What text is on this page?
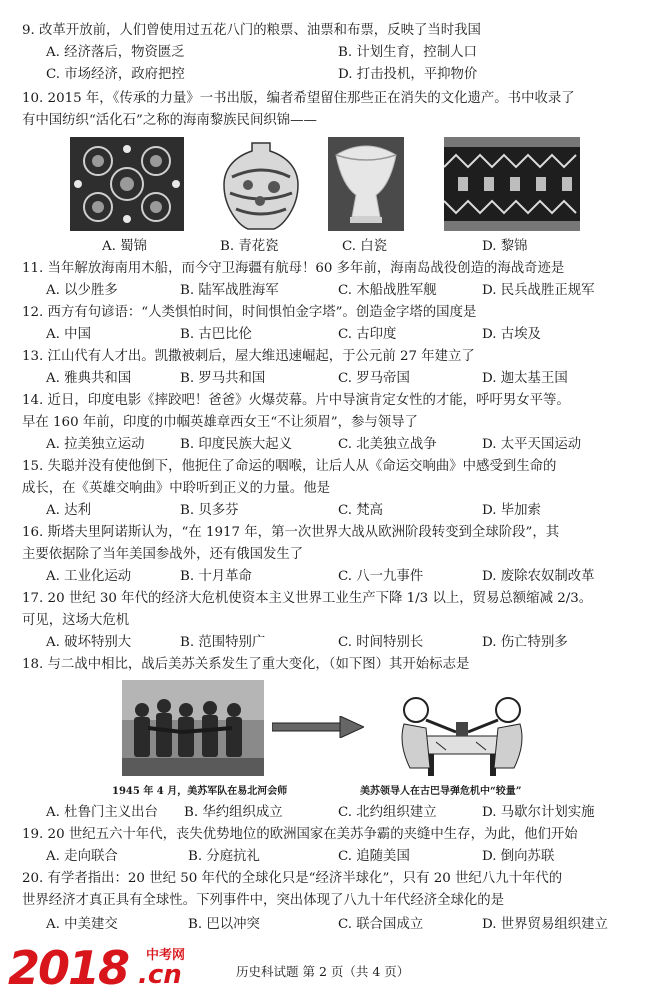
9. 改革开放前，人们曾使用过五花八门的粮票、油票和布票，反映了当时我国
A. 经济落后，物资匮乏	B. 计划生育，控制人口
C. 市场经济，政府把控	D. 打击投机，平抑物价
10. 2015 年，《传承的力量》一书出版，编者希望留住那些正在消失的文化遗产。书中收录了
有中国纺织“活化石”之称的海南黎族民间织锦——
A. 蜀锦	B. 青花瓷	C. 白瓷	D. 黎锦
11. 当年解放海南用木船，而今守卫海疆有航母！60 多年前，海南岛战役创造的海战奇迹是
A. 以少胜多	B. 陆军战胜海军	C. 木船战胜军舰	D. 民兵战胜正规军
12. 西方有句谚语：“人类惧怕时间，时间惧怕金字塔”。创造金字塔的国度是
A. 中国	B. 古巴比伦	C. 古印度	D. 古埃及
13. 江山代有人才出。凯撒被刺后，屋大维迅速崛起，于公元前 27 年建立了
A. 雅典共和国	B. 罗马共和国	C. 罗马帝国	D. 迦太基王国
14. 近日，印度电影《摔跤吧！爸爸》火爆荧幕。片中导演肯定女性的才能，呼吁男女平等。
早在 160 年前，印度的巾帼英雄章西女王“不让须眉”，参与领导了
A. 拉美独立运动	B. 印度民族大起义	C. 北美独立战争	D. 太平天国运动
15. 失聪并没有使他倒下，他扼住了命运的咽喉，让后人从《命运交响曲》中感受到生命的
成长，在《英雄交响曲》中聆听到正义的力量。他是
A. 达利	B. 贝多芬	C. 梵高	D. 毕加索
16. 斯塔夫里阿诺斯认为，“在 1917 年，第一次世界大战从欧洲阶段转变到全球阶段”，其
主要依据除了当年美国参战外，还有俄国发生了
A. 工业化运动	B. 十月革命	C. 八一九事件	D. 废除农奴制改革
17. 20 世纪 30 年代的经济大危机使资本主义世界工业生产下降 1/3 以上，贸易总额缩减 2/3。
可见，这场大危机
A. 破坏特别大	B. 范围特别广	C. 时间特别长	D. 伤亡特别多
18. 与二战中相比，战后美苏关系发生了重大变化，（如下图）其开始标志是
1945 年 4 月，美苏军队在易北河会师	美苏领导人在古巴导弹危机中“较量”
A. 杜鲁门主义出台 B. 华约组织成立	C. 北约组织建立	D. 马歇尔计划实施
19. 20 世纪五六十年代，丧失优势地位的欧洲国家在美苏争霸的夹缝中生存，为此，他们开始
A. 走向联合	B. 分庭抗礼	C. 追随美国	D. 倒向苏联
20. 有学者指出：20 世纪 50 年代的全球化只是“经济半球化”，只有 20 世纪八九十年代的
世界经济才真正具有全球性。下列事件中，突出体现了八九十年代经济全球化的是
A. 中美建交	B. 巴以冲突	C. 联合国成立	D. 世界贸易组织建立
2018 中考网
.cn	历史科试题 第 2 页（共 4 页）
